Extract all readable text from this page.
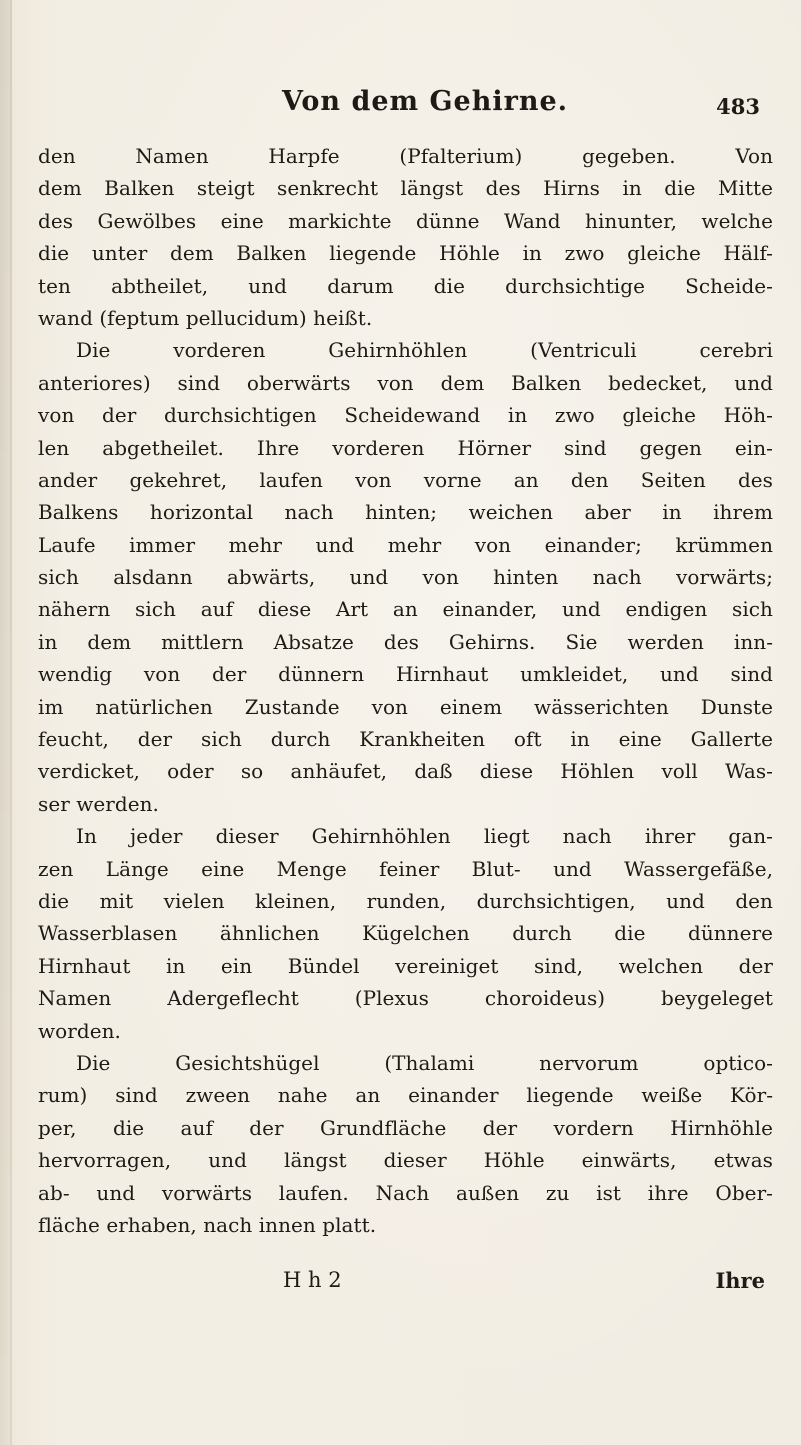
Von dem Gehirne.	483
den Namen Harpfe (Pfalterium) gegeben. Von
dem Balken steigt senkrecht längst des Hirns in die Mitte
des Gewölbes eine markichte dünne Wand hinunter, welche
die unter dem Balken liegende Höhle in zwo gleiche Hälf-
ten abtheilet, und darum die durchsichtige Scheide-
wand (feptum pellucidum) heißt.
Die vorderen Gehirnhöhlen (Ventriculi cerebri
anteriores) sind oberwärts von dem Balken bedecket, und
von der durchsichtigen Scheidewand in zwo gleiche Höh-
len abgetheilet. Ihre vorderen Hörner sind gegen ein-
ander gekehret, laufen von vorne an den Seiten des
Balkens horizontal nach hinten; weichen aber in ihrem
Laufe immer mehr und mehr von einander; krümmen
sich alsdann abwärts, und von hinten nach vorwärts;
nähern sich auf diese Art an einander, und endigen sich
in dem mittlern Absatze des Gehirns. Sie werden inn-
wendig von der dünnern Hirnhaut umkleidet, und sind
im natürlichen Zustande von einem wässerichten Dunste
feucht, der sich durch Krankheiten oft in eine Gallerte
verdicket, oder so anhäufet, daß diese Höhlen voll Was-
ser werden.
In jeder dieser Gehirnhöhlen liegt nach ihrer gan-
zen Länge eine Menge feiner Blut- und Wassergefäße,
die mit vielen kleinen, runden, durchsichtigen, und den
Wasserblasen ähnlichen Kügelchen durch die dünnere
Hirnhaut in ein Bündel vereiniget sind, welchen der
Namen Adergeflecht (Plexus choroideus) beygeleget
worden.
Die Gesichtshügel (Thalami nervorum optico-
rum) sind zween nahe an einander liegende weiße Kör-
per, die auf der Grundfläche der vordern Hirnhöhle
hervorragen, und längst dieser Höhle einwärts, etwas
ab- und vorwärts laufen. Nach außen zu ist ihre Ober-
fläche erhaben, nach innen platt.
H h 2	Ihre
